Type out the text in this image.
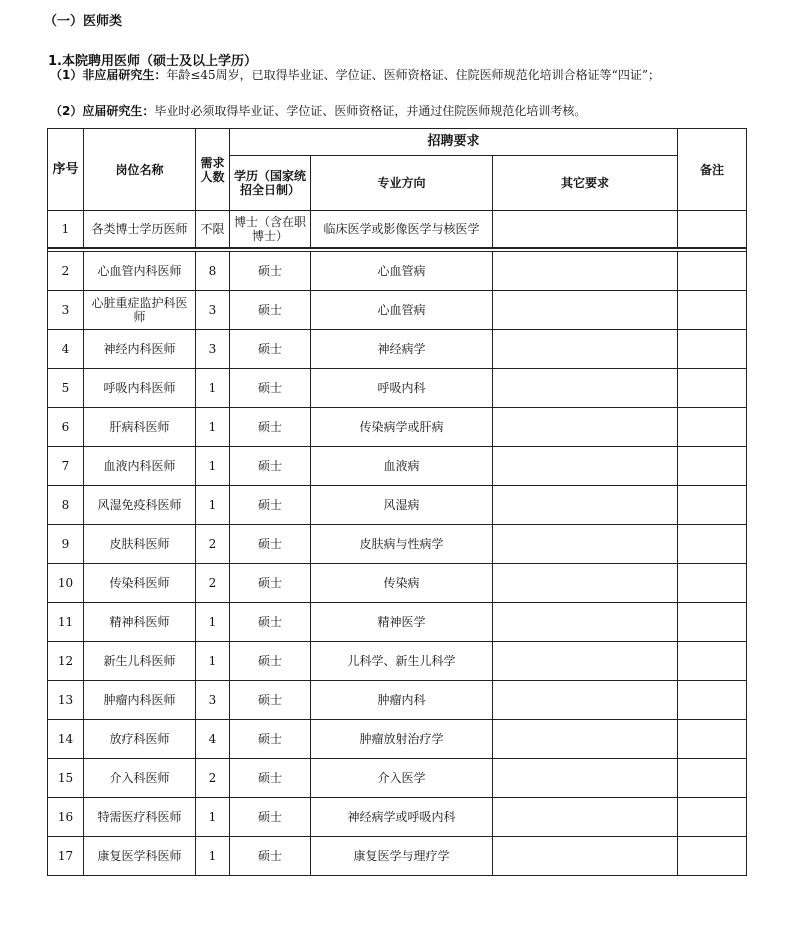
（一）医师类
1.本院聘用医师（硕士及以上学历）
（1）非应届研究生：年龄≤45周岁，已取得毕业证、学位证、医师资格证、住院医师规范化培训合格证等“四证”；
（2）应届研究生：毕业时必须取得毕业证、学位证、医师资格证，并通过住院医师规范化培训考核。
序号	岗位名称	需求人数	招聘要求			备注
			学历（国家统招全日制）	专业方向	其它要求	
1	各类博士学历医师	不限	博士（含在职博士）	临床医学或影像医学与核医学		

2	心血管内科医师	8	硕士	心血管病		
3	心脏重症监护科医师	3	硕士	心血管病		
4	神经内科医师	3	硕士	神经病学		
5	呼吸内科医师	1	硕士	呼吸内科		
6	肝病科医师	1	硕士	传染病学或肝病		
7	血液内科医师	1	硕士	血液病		
8	风湿免疫科医师	1	硕士	风湿病		
9	皮肤科医师	2	硕士	皮肤病与性病学		
10	传染科医师	2	硕士	传染病		
11	精神科医师	1	硕士	精神医学		
12	新生儿科医师	1	硕士	儿科学、新生儿科学		
13	肿瘤内科医师	3	硕士	肿瘤内科		
14	放疗科医师	4	硕士	肿瘤放射治疗学		
15	介入科医师	2	硕士	介入医学		
16	特需医疗科医师	1	硕士	神经病学或呼吸内科		
17	康复医学科医师	1	硕士	康复医学与理疗学		
